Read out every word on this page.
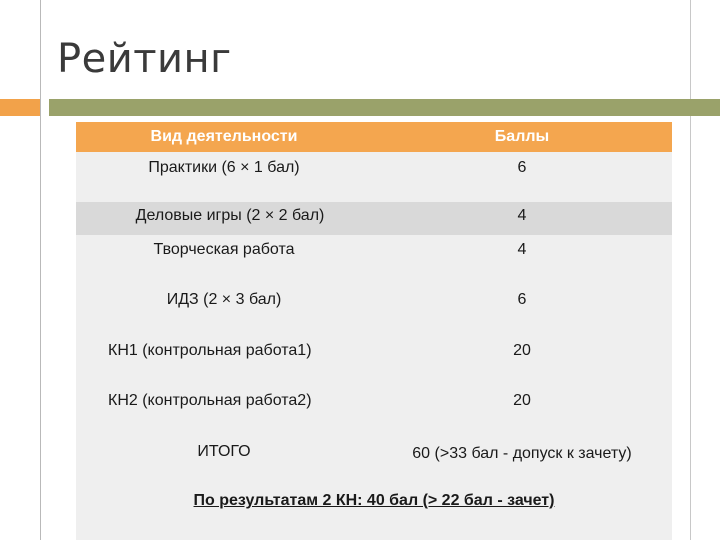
Рейтинг
Вид деятельности	Баллы
Практики (6 × 1 бал)	6
Деловые игры (2 × 2 бал)	4
Творческая работа	4
ИДЗ (2 × 3 бал)	6
КН1 (контрольная работа1)	20
КН2 (контрольная работа2)	20
ИТОГО	60 (>33 бал - допуск к зачету)
По результатам 2 КН: 40 бал (> 22 бал - зачет)
